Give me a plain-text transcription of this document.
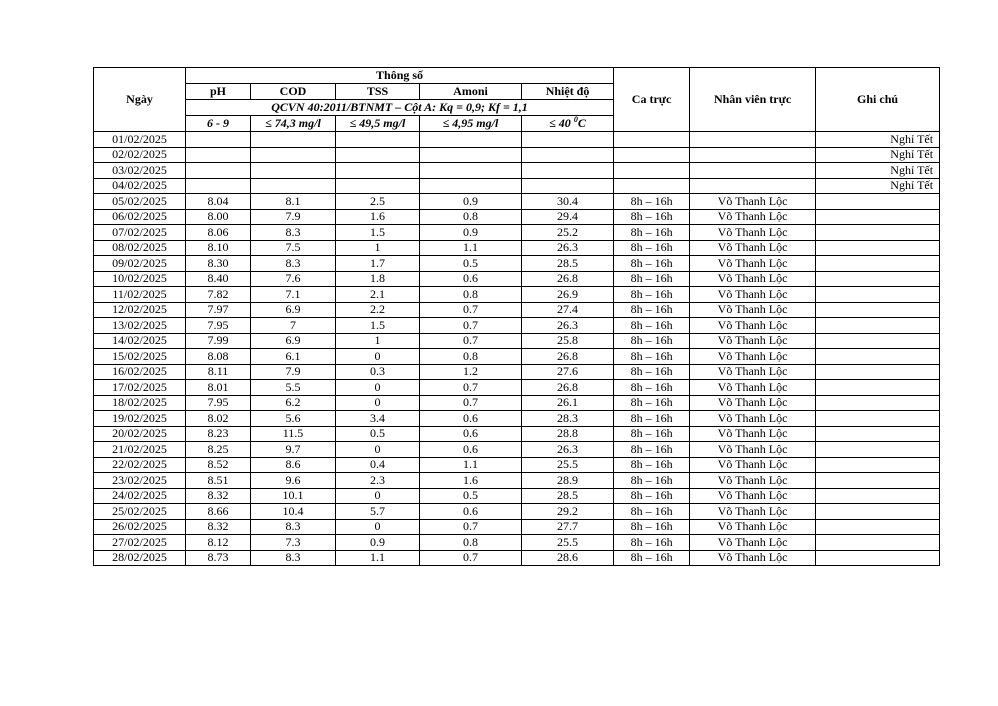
Ngày	Thông số					Ca trực	Nhân viên trực	Ghi chú
	pH	COD	TSS	Amoni	Nhiệt độ			
	QCVN 40:2011/BTNMT – Cột A: Kq = 0,9; Kf = 1,1							
	6 - 9	≤ 74,3 mg/l	≤ 49,5 mg/l	≤ 4,95 mg/l	≤ 40 $^0$C			
01/02/2025								Nghỉ Tết
02/02/2025								Nghỉ Tết
03/02/2025								Nghỉ Tết
04/02/2025								Nghỉ Tết
05/02/2025	8.04	8.1	2.5	0.9	30.4	8h – 16h	Võ Thanh Lộc	
06/02/2025	8.00	7.9	1.6	0.8	29.4	8h – 16h	Võ Thanh Lộc	
07/02/2025	8.06	8.3	1.5	0.9	25.2	8h – 16h	Võ Thanh Lộc	
08/02/2025	8.10	7.5	1	1.1	26.3	8h – 16h	Võ Thanh Lộc	
09/02/2025	8.30	8.3	1.7	0.5	28.5	8h – 16h	Võ Thanh Lộc	
10/02/2025	8.40	7.6	1.8	0.6	26.8	8h – 16h	Võ Thanh Lộc	
11/02/2025	7.82	7.1	2.1	0.8	26.9	8h – 16h	Võ Thanh Lộc	
12/02/2025	7.97	6.9	2.2	0.7	27.4	8h – 16h	Võ Thanh Lộc	
13/02/2025	7.95	7	1.5	0.7	26.3	8h – 16h	Võ Thanh Lộc	
14/02/2025	7.99	6.9	1	0.7	25.8	8h – 16h	Võ Thanh Lộc	
15/02/2025	8.08	6.1	0	0.8	26.8	8h – 16h	Võ Thanh Lộc	
16/02/2025	8.11	7.9	0.3	1.2	27.6	8h – 16h	Võ Thanh Lộc	
17/02/2025	8.01	5.5	0	0.7	26.8	8h – 16h	Võ Thanh Lộc	
18/02/2025	7.95	6.2	0	0.7	26.1	8h – 16h	Võ Thanh Lộc	
19/02/2025	8.02	5.6	3.4	0.6	28.3	8h – 16h	Võ Thanh Lộc	
20/02/2025	8.23	11.5	0.5	0.6	28.8	8h – 16h	Võ Thanh Lộc	
21/02/2025	8.25	9.7	0	0.6	26.3	8h – 16h	Võ Thanh Lộc	
22/02/2025	8.52	8.6	0.4	1.1	25.5	8h – 16h	Võ Thanh Lộc	
23/02/2025	8.51	9.6	2.3	1.6	28.9	8h – 16h	Võ Thanh Lộc	
24/02/2025	8.32	10.1	0	0.5	28.5	8h – 16h	Võ Thanh Lộc	
25/02/2025	8.66	10.4	5.7	0.6	29.2	8h – 16h	Võ Thanh Lộc	
26/02/2025	8.32	8.3	0	0.7	27.7	8h – 16h	Võ Thanh Lộc	
27/02/2025	8.12	7.3	0.9	0.8	25.5	8h – 16h	Võ Thanh Lộc	
28/02/2025	8.73	8.3	1.1	0.7	28.6	8h – 16h	Võ Thanh Lộc	
